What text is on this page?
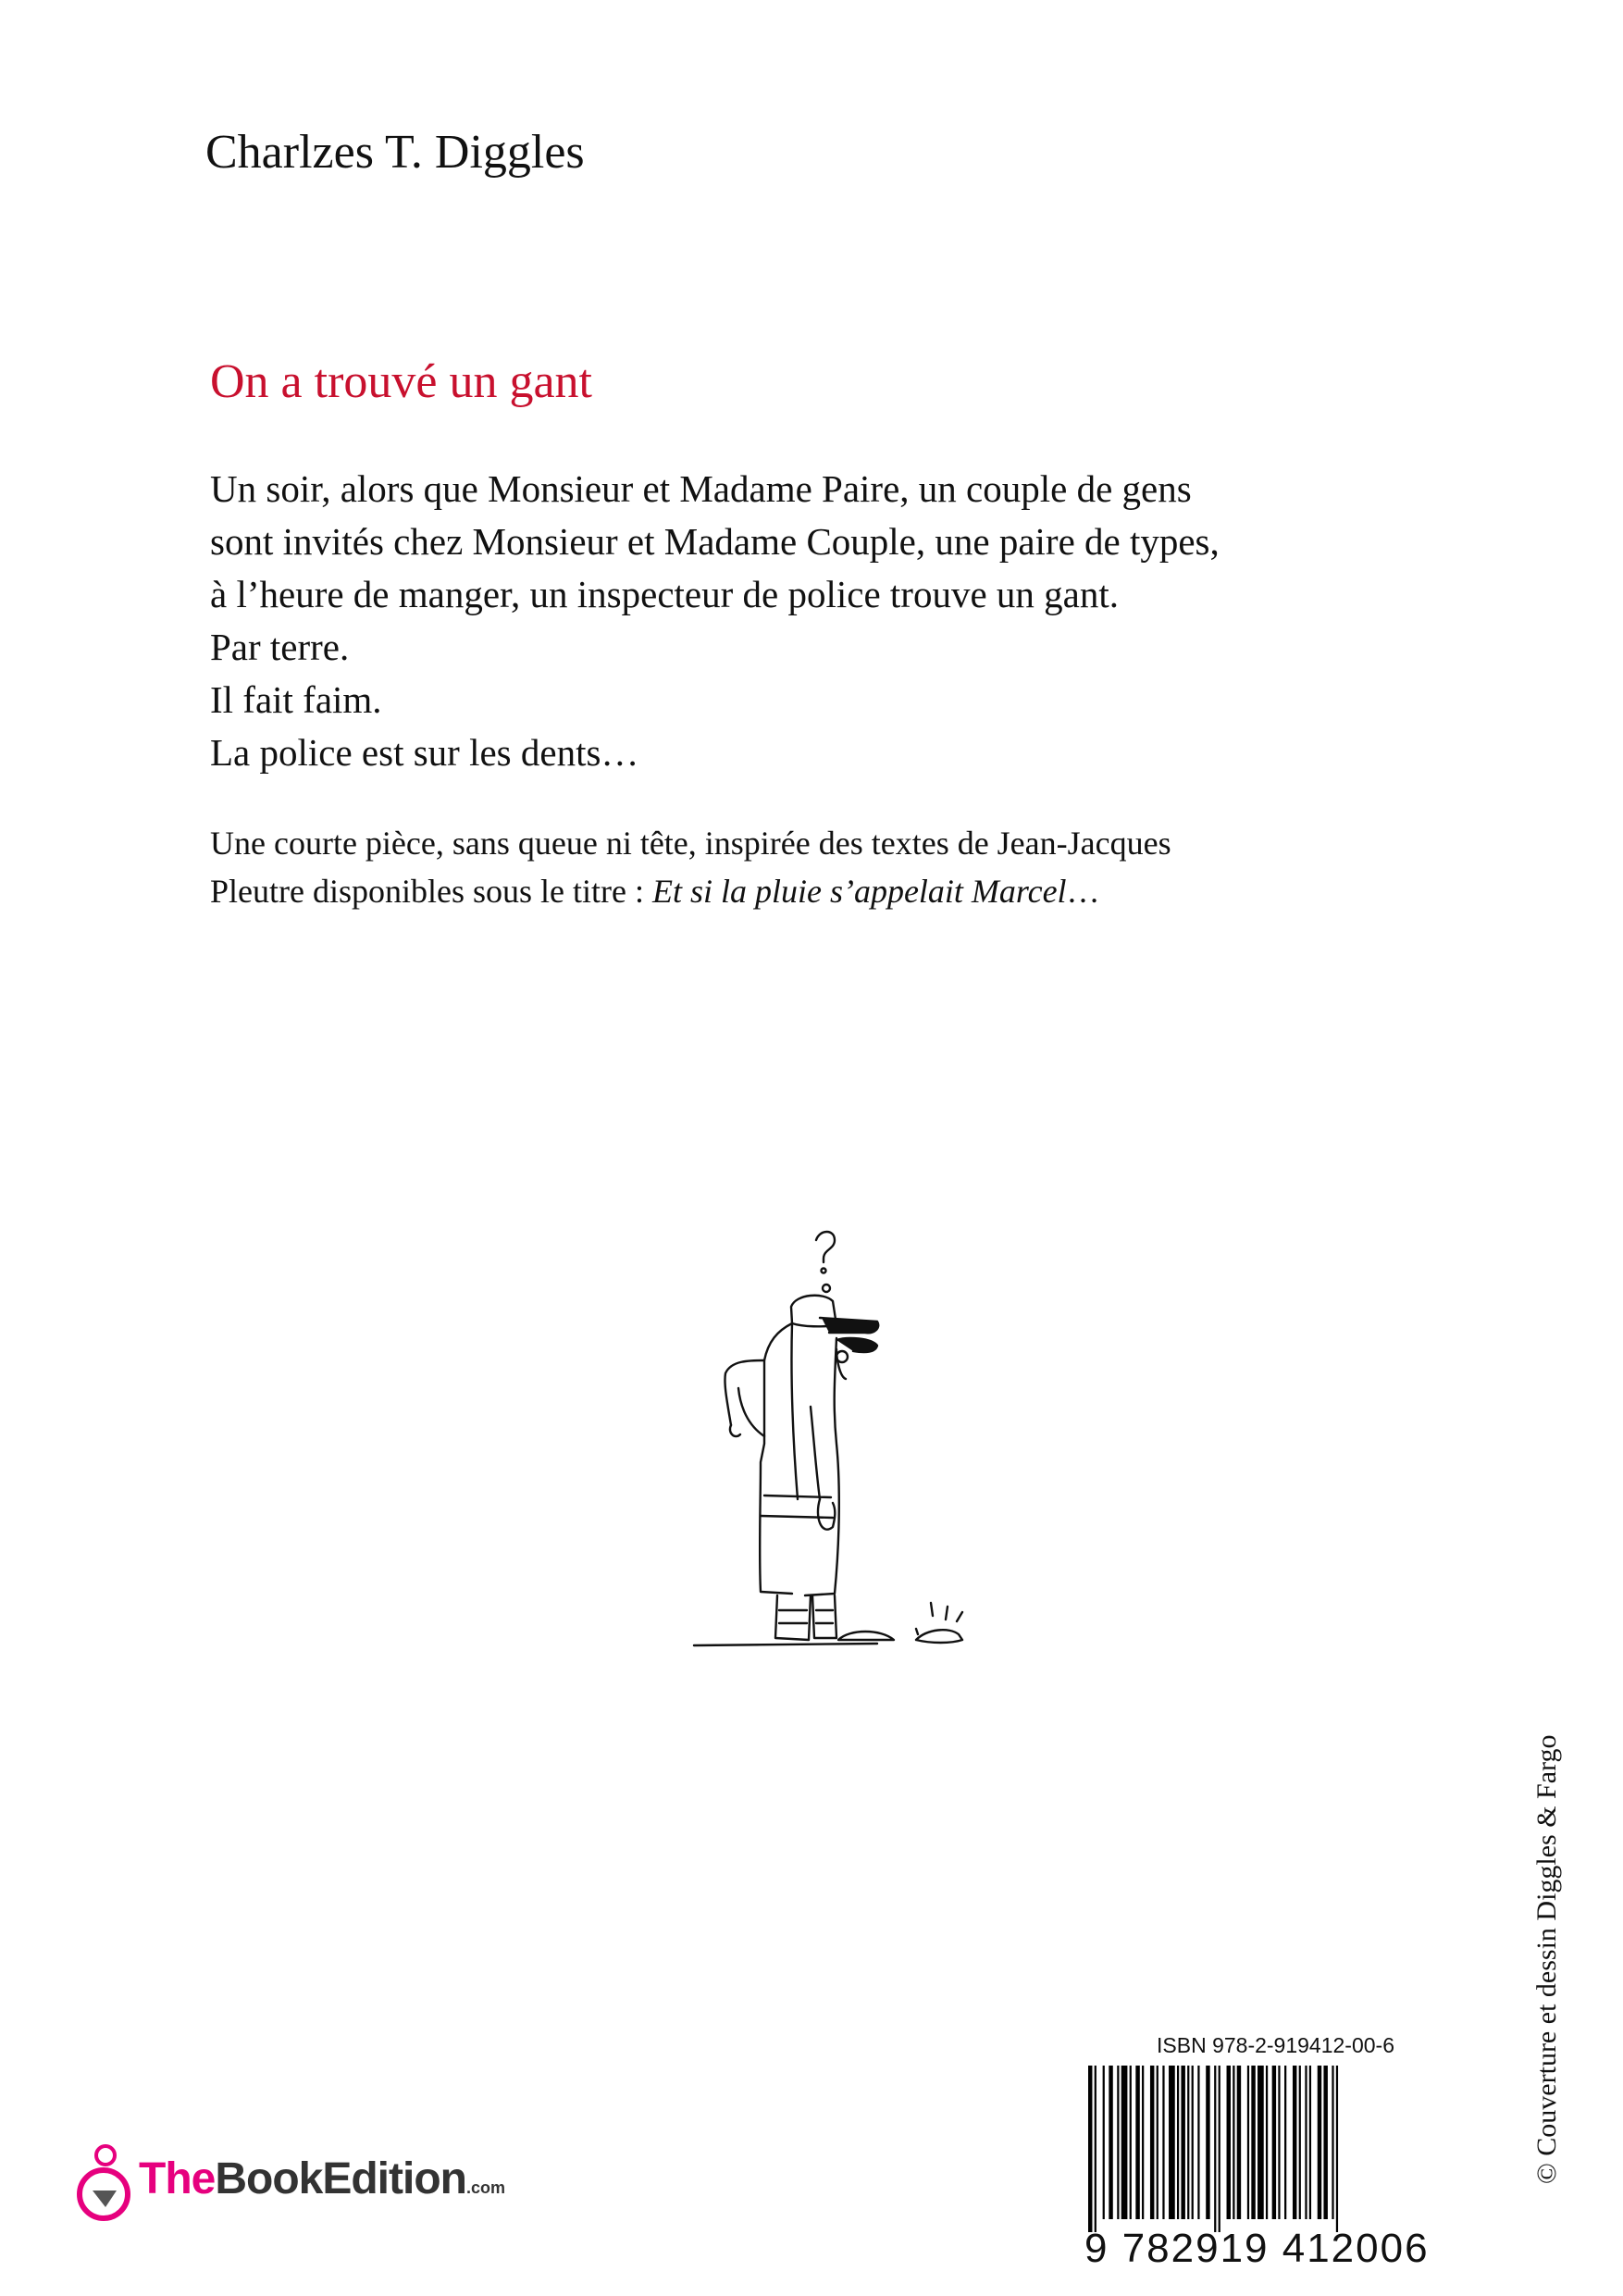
Charlzes T. Diggles
On a trouvé un gant
Un soir, alors que Monsieur et Madame Paire, un couple de gens
sont invités chez Monsieur et Madame Couple, une paire de types,
à l’heure de manger, un inspecteur de police trouve un gant.
Par terre.
Il fait faim.
La police est sur les dents…
Une courte pièce, sans queue ni tête, inspirée des textes de Jean-Jacques
Pleutre disponibles sous le titre : Et si la pluie s’appelait Marcel…
ISBN 978-2-919412-00-6
9 782919 412006
© Couverture et dessin Diggles & Fargo
TheBookEdition.com
